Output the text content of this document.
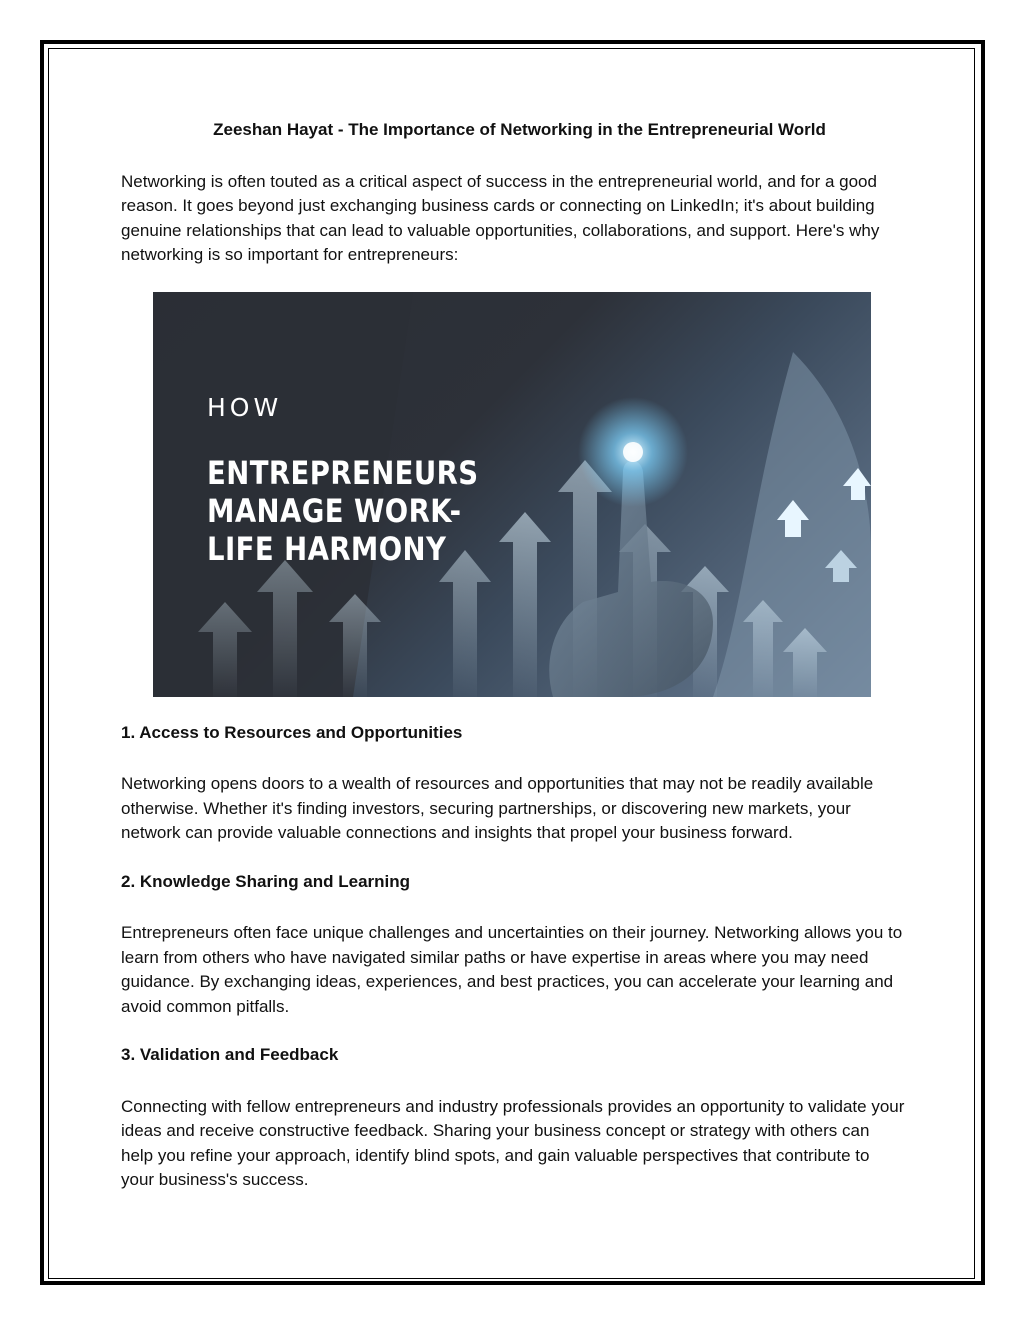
Zeeshan Hayat - The Importance of Networking in the Entrepreneurial World

Networking is often touted as a critical aspect of success in the entrepreneurial world, and for a good reason. It goes beyond just exchanging business cards or connecting on LinkedIn; it's about building genuine relationships that can lead to valuable opportunities, collaborations, and support. Here's why networking is so important for entrepreneurs:

HOW
ENTREPRENEURS MANAGE WORK-LIFE HARMONY

1. Access to Resources and Opportunities

Networking opens doors to a wealth of resources and opportunities that may not be readily available otherwise. Whether it's finding investors, securing partnerships, or discovering new markets, your network can provide valuable connections and insights that propel your business forward.

2. Knowledge Sharing and Learning

Entrepreneurs often face unique challenges and uncertainties on their journey. Networking allows you to learn from others who have navigated similar paths or have expertise in areas where you may need guidance. By exchanging ideas, experiences, and best practices, you can accelerate your learning and avoid common pitfalls.

3. Validation and Feedback

Connecting with fellow entrepreneurs and industry professionals provides an opportunity to validate your ideas and receive constructive feedback. Sharing your business concept or strategy with others can help you refine your approach, identify blind spots, and gain valuable perspectives that contribute to your business's success.
